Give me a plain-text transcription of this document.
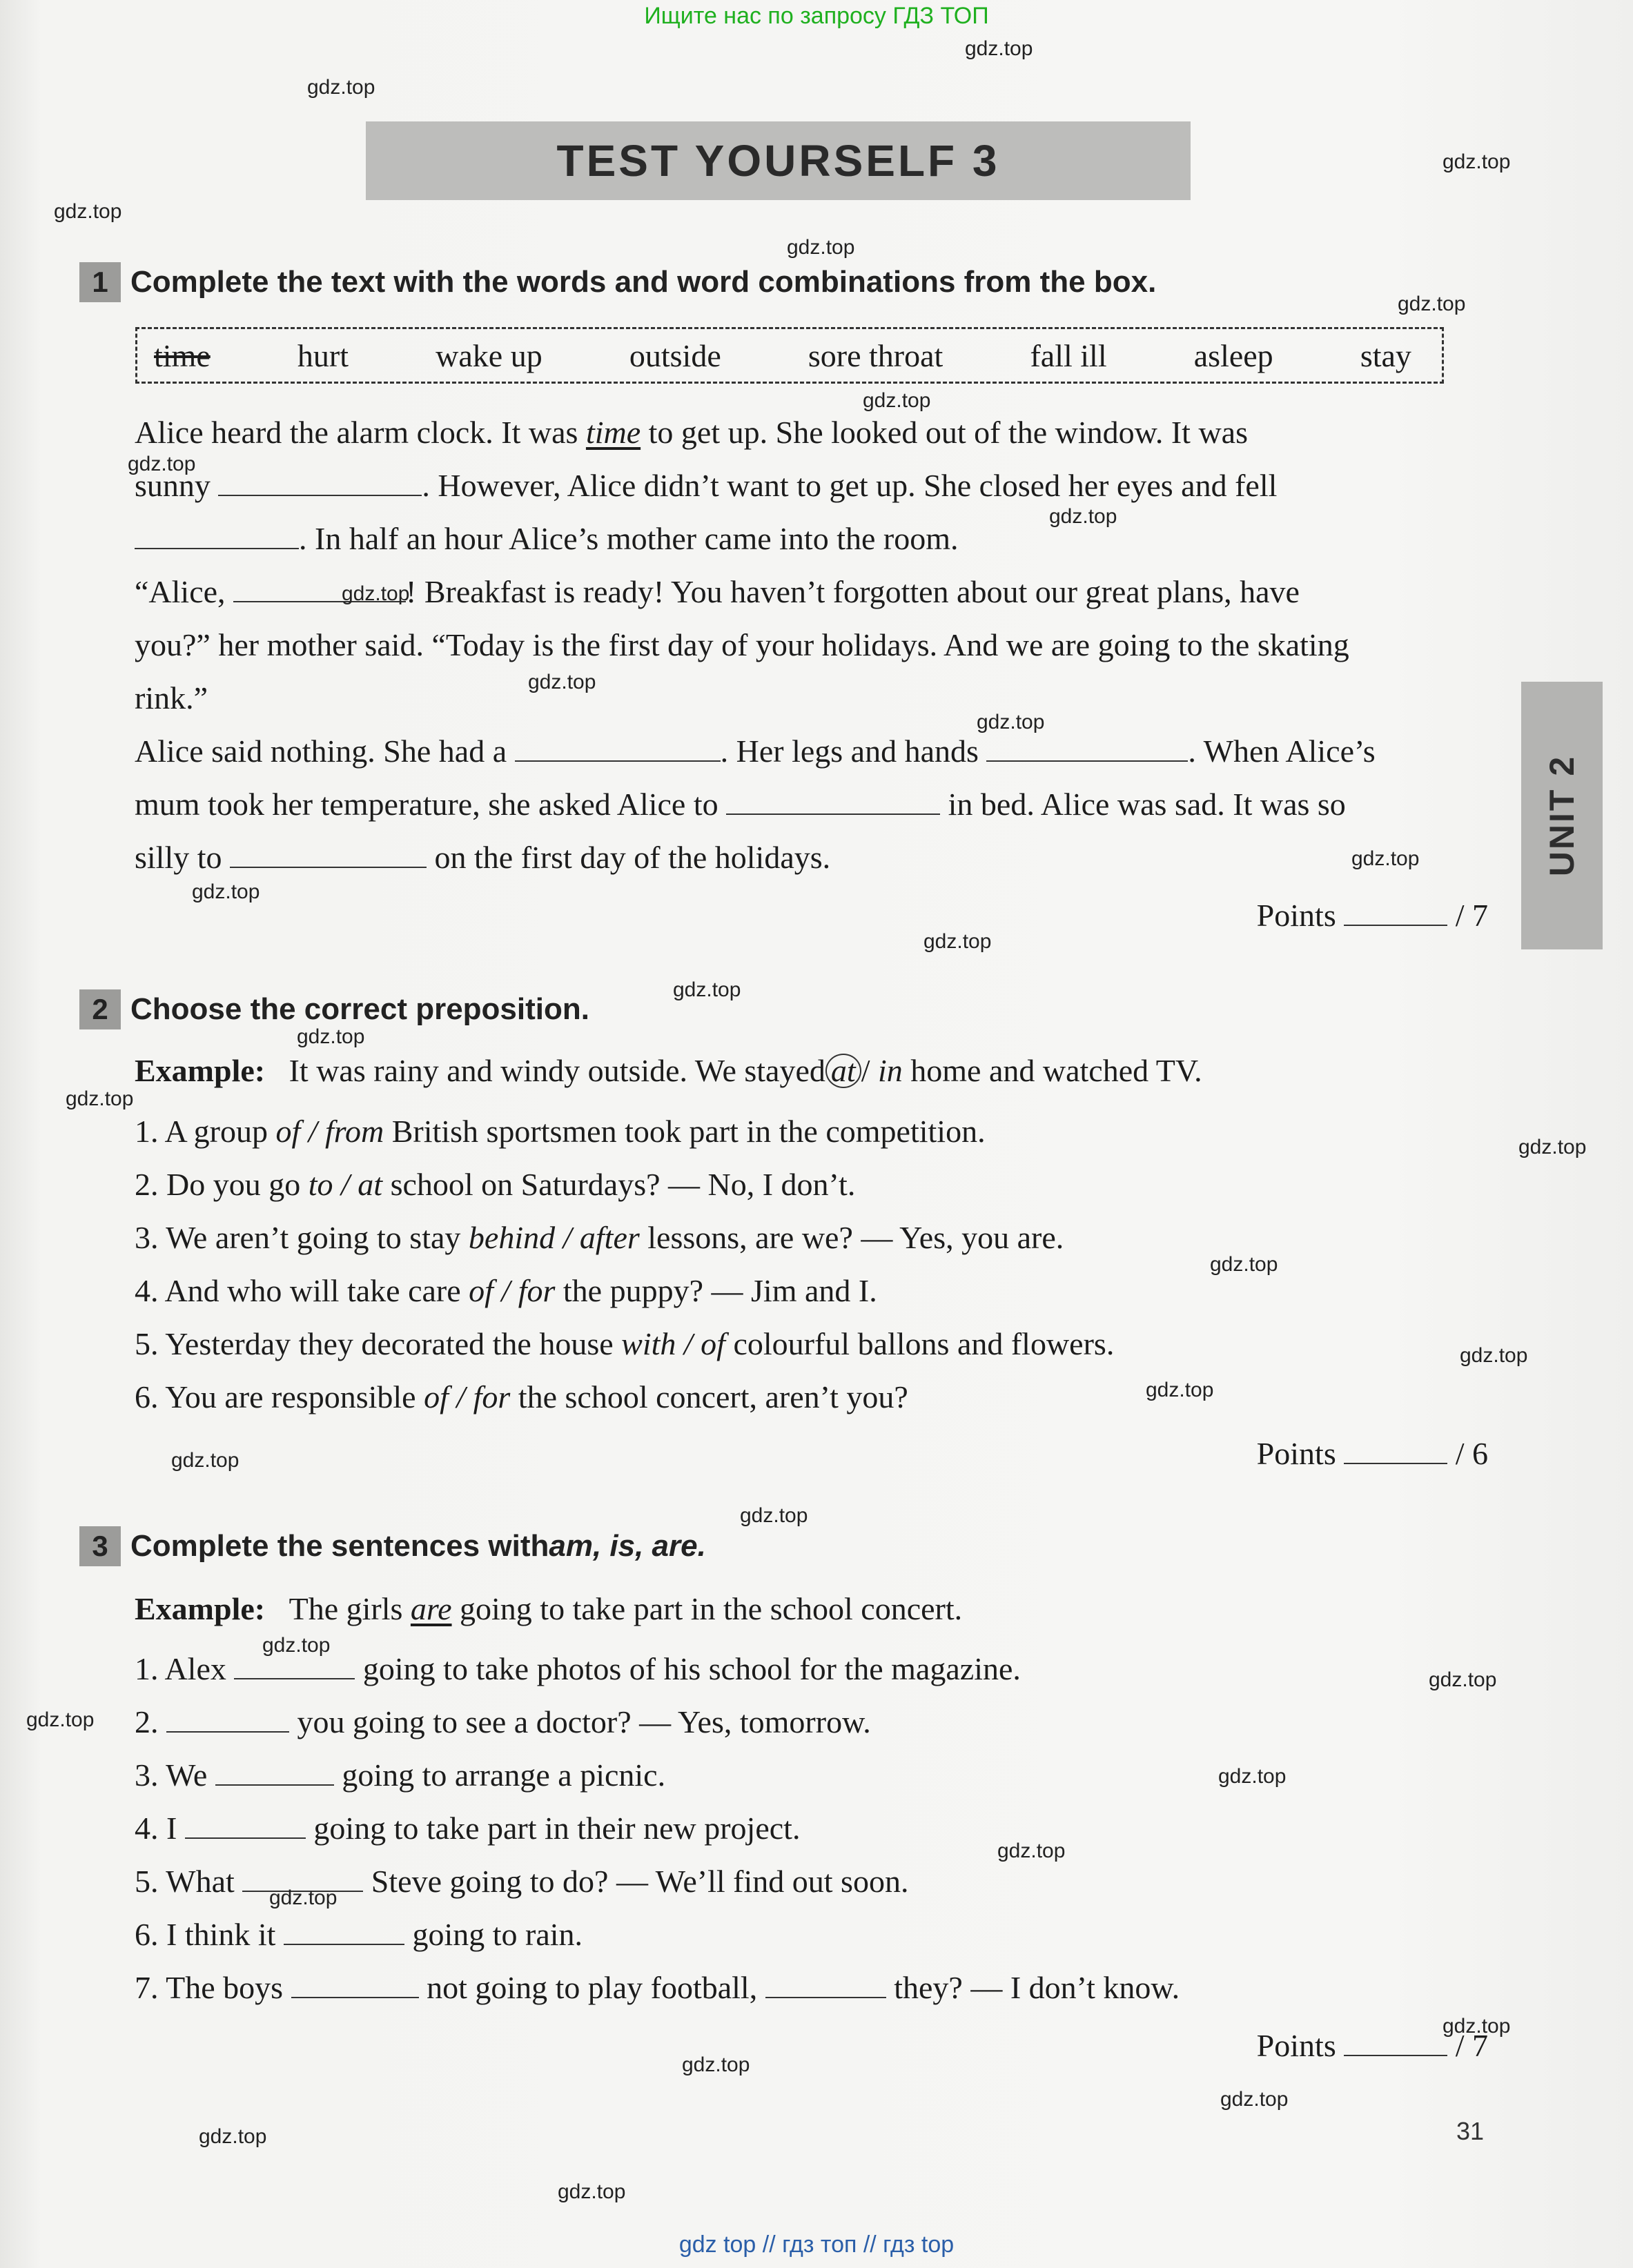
Ищите нас по запросу ГДЗ ТОП
TEST YOURSELF 3
UNIT 2
1 Complete the text with the words and word combinations from the box.
time	hurt	wake up	outside	sore throat	fall ill	asleep	stay
Alice heard the alarm clock. It was time to get up. She looked out of the window. It was
sunny	. However, Alice didn’t want to get up. She closed her eyes and fell
. In half an hour Alice’s mother came into the room.
“Alice,	! Breakfast is ready! You haven’t forgotten about our great plans, have
you?” her mother said. “Today is the first day of your holidays. And we are going to the skating
rink.”
Alice said nothing. She had a	. Her legs and hands	. When Alice’s
mum took her temperature, she asked Alice to	in bed. Alice was sad. It was so
silly to	on the first day of the holidays.
Points	/ 7
2 Choose the correct preposition.
Example: It was rainy and windy outside. We stayed at / in home and watched TV.
1. A group of / from British sportsmen took part in the competition.
2. Do you go to / at school on Saturdays? — No, I don’t.
3. We aren’t going to stay behind / after lessons, are we? — Yes, you are.
4. And who will take care of / for the puppy? — Jim and I.
5. Yesterday they decorated the house with / of colourful ballons and flowers.
6. You are responsible of / for the school concert, aren’t you?
Points	/ 6
3 Complete the sentences with am, is, are.
Example: The girls are going to take part in the school concert.
1. Alex	going to take photos of his school for the magazine.
2.	you going to see a doctor? — Yes, tomorrow.
3. We	going to arrange a picnic.
4. I	going to take part in their new project.
5. What	Steve going to do? — We’ll find out soon.
6. I think it	going to rain.
7. The boys	not going to play football,	they? — I don’t know.
Points	/ 7
31
gdz.top
gdz.top
gdz.top
gdz.top
gdz.top
gdz.top
gdz.top
gdz.top
gdz.top
gdz.top
gdz.top
gdz.top
gdz.top
gdz.top
gdz.top
gdz.top
gdz.top
gdz.top
gdz.top
gdz.top
gdz.top
gdz.top
gdz.top
gdz.top
gdz.top
gdz.top
gdz.top
gdz.top
gdz.top
gdz.top
gdz.top
gdz.top
gdz.top
gdz.top
gdz.top
gdz top // гдз топ // гдз top
